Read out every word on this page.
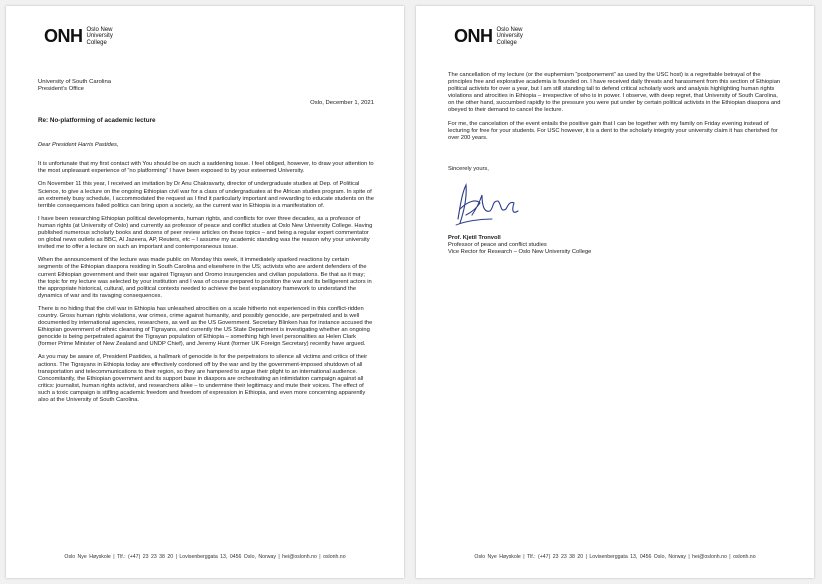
ONH Oslo New
University
College
University of South Carolina
President’s Office
Oslo, December 1, 2021
Re: No-platforming of academic lecture
Dear President Harris Pastides,

It is unfortunate that my first contact with You should be on such a saddening issue. I feel obliged, however, to draw your attention to the most unpleasant experience of “no platforming” I have been exposed to by your esteemed University.

On November 11 this year, I received an invitation by Dr Anu Chakravarty, director of undergraduate studies at Dep. of Political Science, to give a lecture on the ongoing Ethiopian civil war for a class of undergraduates at the African studies program. In spite of an extremely busy schedule, I accommodated the request as I find it particularly important and rewarding to educate students on the terrible consequences failed politics can bring upon a society, as the current war in Ethiopia is a manifestation of.

I have been researching Ethiopian political developments, human rights, and conflicts for over three decades, as a professor of human rights (at University of Oslo) and currently as professor of peace and conflict studies at Oslo New University College. Having published numerous scholarly books and dozens of peer review articles on these topics – and being a regular expert commentator on global news outlets as BBC, Al Jazeera, AP, Reuters, etc – I assume my academic standing was the reason why your university invited me to offer a lecture on such an important and contemporaneous issue.

When the announcement of the lecture was made public on Monday this week, it immediately sparked reactions by certain segments of the Ethiopian diaspora residing in South Carolina and elsewhere in the US; activists who are ardent defenders of the current Ethiopian government and their war against Tigrayan and Oromo insurgencies and civilian populations. Be that as it may; the topic for my lecture was selected by your institution and I was of course prepared to position the war and its belligerent actors in the appropriate historical, cultural, and political contexts needed to achieve the best explanatory framework to understand the dynamics of war and its ravaging consequences.

There is no hiding that the civil war in Ethiopia has unleashed atrocities on a scale hitherto not experienced in this conflict-ridden country. Gross human rights violations, war crimes, crime against humanity, and possibly genocide, are perpetrated and is well documented by international agencies, researchers, as well as the US Government. Secretary Blinken has for instance accused the Ethiopian government of ethnic cleansing of Tigrayans, and currently the US State Department is investigating whether an ongoing genocide is being perpetrated against the Tigrayan population of Ethiopia – something high level personalities as Helen Clark (former Prime Minister of New Zealand and UNDP Chief), and Jeremy Hunt (former UK Foreign Secretary) recently have argued.

As you may be aware of, President Pastides, a hallmark of genocide is for the perpetrators to silence all victims and critics of their actions. The Tigrayans in Ethiopia today are effectively cordoned off by the war and by the government-imposed shutdown of all transportation and telecommunications to their region, so they are hampered to argue their plight to an international audience. Concomitantly, the Ethiopian government and its support base in diaspora are orchestrating an intimidation campaign against all critics: journalist, human rights activist, and researchers alike – to undermine their legitimacy and mute their voices. The effect of such a toxic campaign is stifling academic freedom and freedom of expression in Ethiopia, and even more concerning apparently also at the University of South Carolina.

Oslo Nye Høyskole | Tlf.: (+47) 23 23 38 20 | Lovisenberggata 13, 0456 Oslo, Norway | hei@oslonh.no | oslonh.no
ONH Oslo New
University
College

The cancellation of my lecture (or the euphemism “postponement” as used by the USC host) is a regrettable betrayal of the principles free and explorative academia is founded on. I have received daily threats and harassment from this section of Ethiopian political activists for over a year, but I am still standing tall to defend critical scholarly work and analysis highlighting human rights violations and atrocities in Ethiopia – irrespective of who is in power. I observe, with deep regret, that University of South Carolina, on the other hand, succumbed rapidly to the pressure you were put under by certain political activists in the Ethiopian diaspora and obeyed to their demand to cancel the lecture.

For me, the cancelation of the event entails the positive gain that I can be together with my family on Friday evening instead of lecturing for free for your students. For USC however, it is a dent to the scholarly integrity your university claim it has cherished for over 200 years.

Sincerely yours,

Prof. Kjetil Tronvoll

Professor of peace and conflict studies

Vice Rector for Research – Oslo New University College

Oslo Nye Høyskole | Tlf.: (+47) 23 23 38 20 | Lovisenberggata 13, 0456 Oslo, Norway | hei@oslonh.no | oslonh.no
